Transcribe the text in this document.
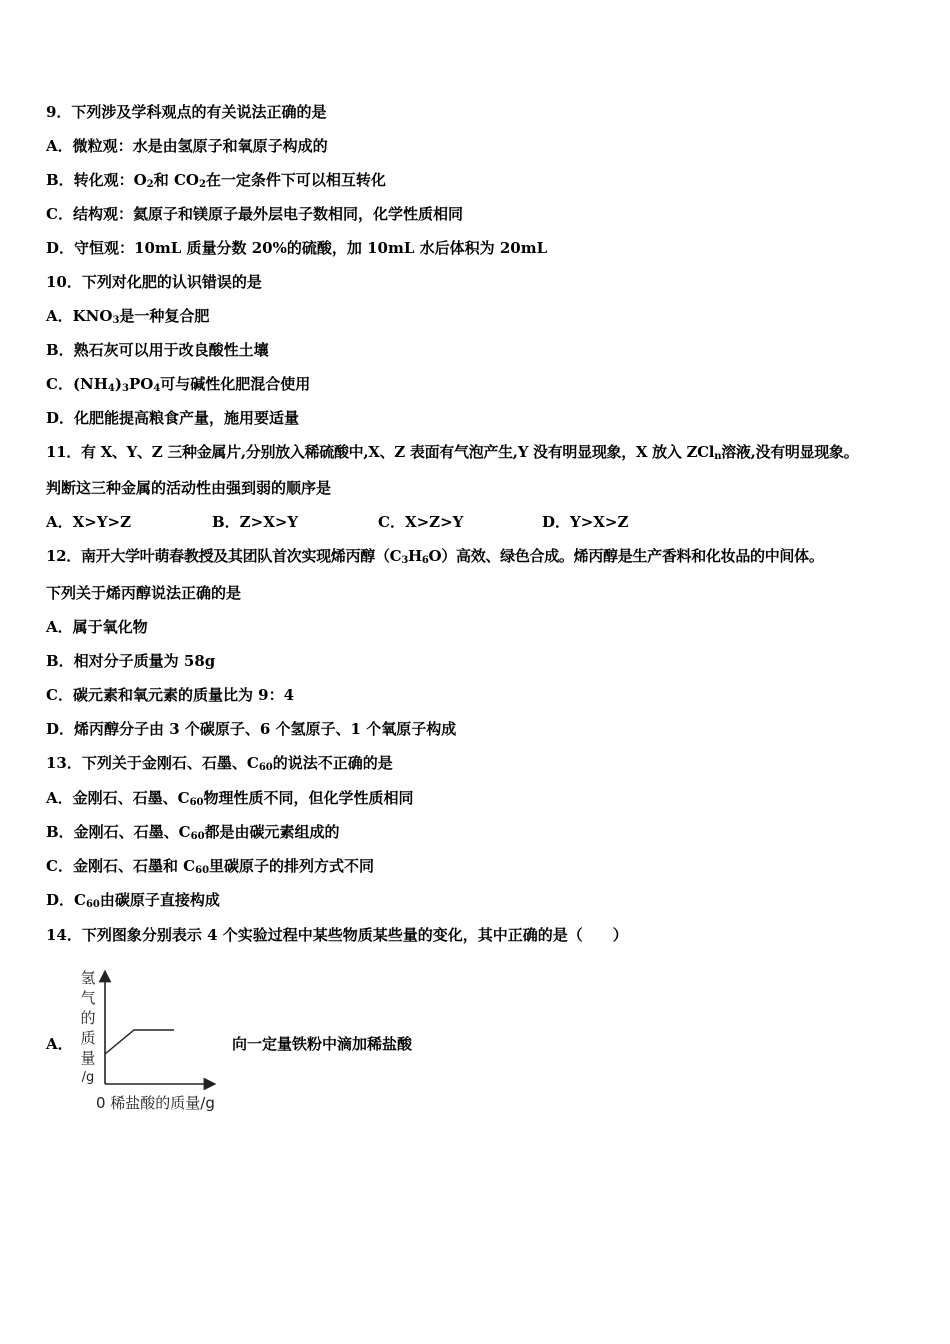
9．下列涉及学科观点的有关说法正确的是
A．微粒观：水是由氢原子和氧原子构成的
B．转化观：$O_2$和 $CO_2$在一定条件下可以相互转化
C．结构观：氦原子和镁原子最外层电子数相同，化学性质相同
D．守恒观：10mL 质量分数 20%的硫酸，加 10mL 水后体积为 20mL
10．下列对化肥的认识错误的是
A．$KNO_3$是一种复合肥
B．熟石灰可以用于改良酸性土壤
C．$(NH_4)_3PO_4$可与碱性化肥混合使用
D．化肥能提高粮食产量，施用要适量
11．有 X、Y、Z 三种金属片,分别放入稀硫酸中,X、Z 表面有气泡产生,Y 没有明显现象，X 放入 ZCl$_n$溶液,没有明显现象。
判断这三种金属的活动性由强到弱的顺序是
A．X>Y>Z	B．Z>X>Y	C．X>Z>Y	D．Y>X>Z
12．南开大学叶萌春教授及其团队首次实现烯丙醇$(C_3H_6O)$高效、绿色合成。烯丙醇是生产香料和化妆品的中间体。
下列关于烯丙醇说法正确的是
A．属于氧化物
B．相对分子质量为 58g
C．碳元素和氧元素的质量比为 9：4
D．烯丙醇分子由 3 个碳原子、6 个氢原子、1 个氧原子构成
13．下列关于金刚石、石墨、$C_{60}$的说法不正确的是
A．金刚石、石墨、$C_{60}$物理性质不同，但化学性质相同
B．金刚石、石墨、$C_{60}$都是由碳元素组成的
C．金刚石、石墨和 $C_{60}$里碳原子的排列方式不同
D．$C_{60}$由碳原子直接构成
14．下列图象分别表示 4 个实验过程中某些物质某些量的变化，其中正确的是（　　）
A．
氢
气
的
质
量
/g
0 稀盐酸的质量/g
向一定量铁粉中滴加稀盐酸
